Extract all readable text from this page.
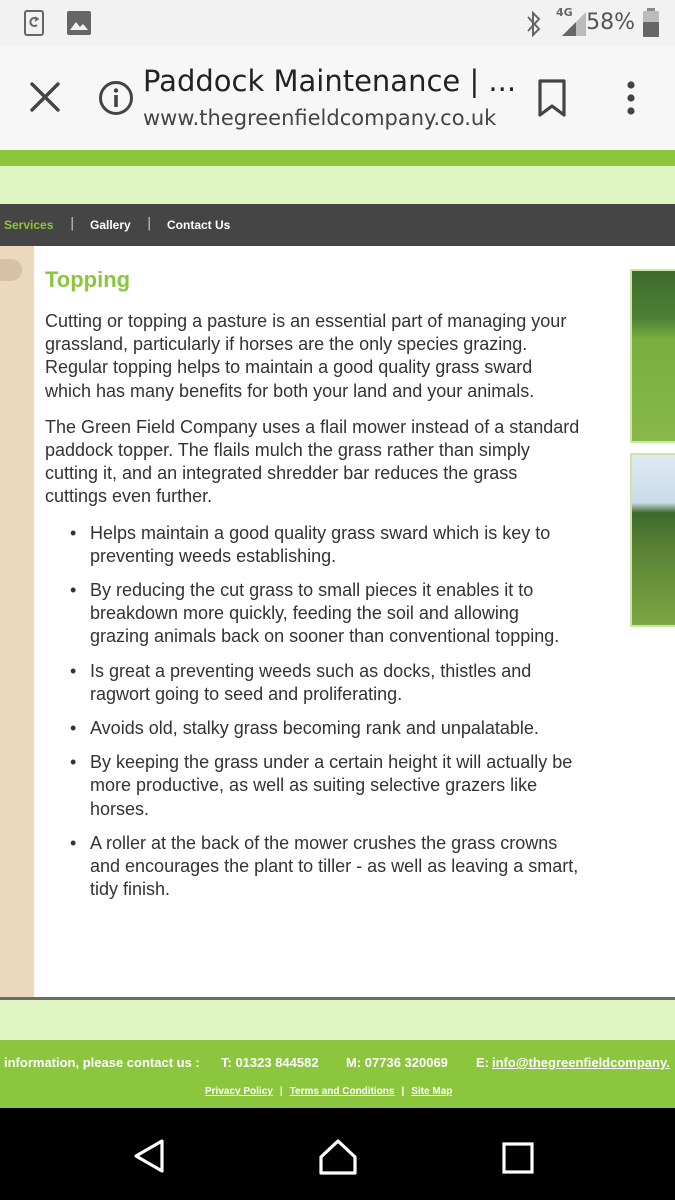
4G 58%
Paddock Maintenance | ...
www.thegreenfieldcompany.co.uk
Services | Gallery | Contact Us
Topping

Cutting or topping a pasture is an essential part of managing your grassland, particularly if horses are the only species grazing. Regular topping helps to maintain a good quality grass sward which has many benefits for both your land and your animals.

The Green Field Company uses a flail mower instead of a standard paddock topper. The flails mulch the grass rather than simply cutting it, and an integrated shredder bar reduces the grass cuttings even further.

• Helps maintain a good quality grass sward which is key to preventing weeds establishing.
• By reducing the cut grass to small pieces it enables it to breakdown more quickly, feeding the soil and allowing grazing animals back on sooner than conventional topping.
• Is great a preventing weeds such as docks, thistles and ragwort going to seed and proliferating.
• Avoids old, stalky grass becoming rank and unpalatable.
• By keeping the grass under a certain height it will actually be more productive, as well as suiting selective grazers like horses.
• A roller at the back of the mower crushes the grass crowns and encourages the plant to tiller - as well as leaving a smart, tidy finish.
information, please contact us : T: 01323 844582 M: 07736 320069 E: info@thegreenfieldcompany.
Privacy Policy | Terms and Conditions | Site Map
